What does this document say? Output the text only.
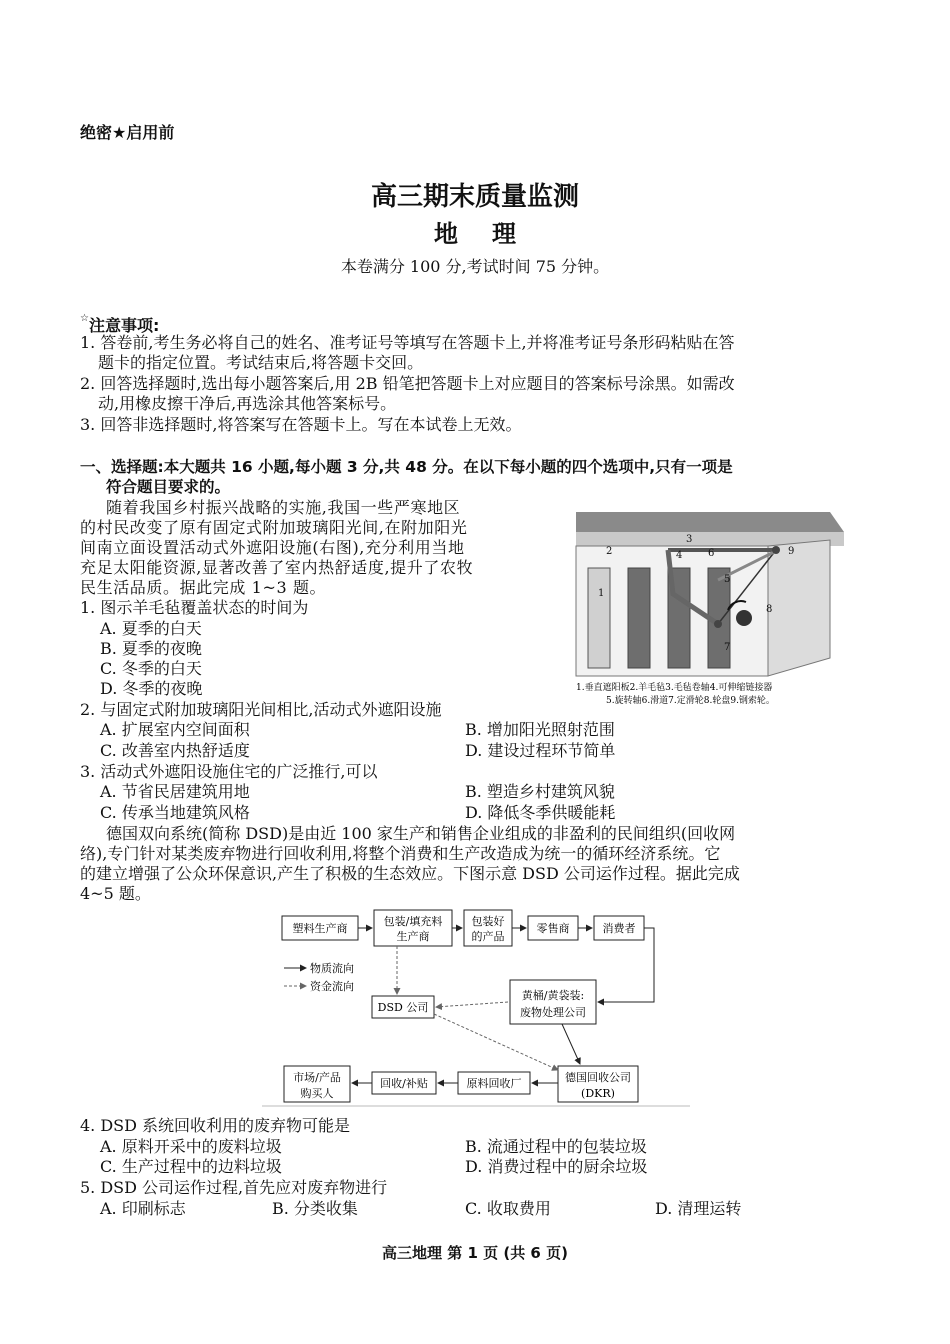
绝密★启用前
高三期末质量监测
地理
本卷满分 100 分,考试时间 75 分钟。
☆注意事项:
1. 答卷前,考生务必将自己的姓名、准考证号等填写在答题卡上,并将准考证号条形码粘贴在答
题卡的指定位置。考试结束后,将答题卡交回。
2. 回答选择题时,选出每小题答案后,用 2B 铅笔把答题卡上对应题目的答案标号涂黑。如需改
动,用橡皮擦干净后,再选涂其他答案标号。
3. 回答非选择题时,将答案写在答题卡上。写在本试卷上无效。
一、选择题:本大题共 16 小题,每小题 3 分,共 48 分。在以下每小题的四个选项中,只有一项是
符合题目要求的。
随着我国乡村振兴战略的实施,我国一些严寒地区
的村民改变了原有固定式附加玻璃阳光间,在附加阳光
间南立面设置活动式外遮阳设施(右图),充分利用当地
充足太阳能资源,显著改善了室内热舒适度,提升了农牧
民生活品质。据此完成 1~3 题。	1
2
3
4
5
6
7
8
9
1.垂直遮阳板2.羊毛毡3.毛毡卷轴4.可伸缩链接器
5.旋转轴6.滑道7.定滑轮8.轮盘9.钢索轮。
1. 图示羊毛毡覆盖状态的时间为
A. 夏季的白天
B. 夏季的夜晚
C. 冬季的白天
D. 冬季的夜晚
2. 与固定式附加玻璃阳光间相比,活动式外遮阳设施
A. 扩展室内空间面积	B. 增加阳光照射范围
C. 改善室内热舒适度	D. 建设过程环节简单
3. 活动式外遮阳设施住宅的广泛推行,可以
A. 节省民居建筑用地	B. 塑造乡村建筑风貌
C. 传承当地建筑风格	D. 降低冬季供暖能耗
德国双向系统(简称 DSD)是由近 100 家生产和销售企业组成的非盈利的民间组织(回收网
络),专门针对某类废弃物进行回收利用,将整个消费和生产改造成为统一的循环经济系统。它
的建立增强了公众环保意识,产生了积极的生态效应。下图示意 DSD 公司运作过程。据此完成
4~5 题。
塑料生产商
包装/填充料
生产商
包装好
的产品
零售商	消费者
物质流向
资金流向
DSD 公司
黄桶/黄袋装:
废物处理公司
德国回收公司
(DKR)
原料回收厂
回收/补贴
市场/产品
购买人
4. DSD 系统回收利用的废弃物可能是
A. 原料开采中的废料垃圾	B. 流通过程中的包装垃圾
C. 生产过程中的边料垃圾	D. 消费过程中的厨余垃圾
5. DSD 公司运作过程,首先应对废弃物进行
A. 印刷标志	B. 分类收集	C. 收取费用	D. 清理运转
高三地理 第 1 页 (共 6 页)
